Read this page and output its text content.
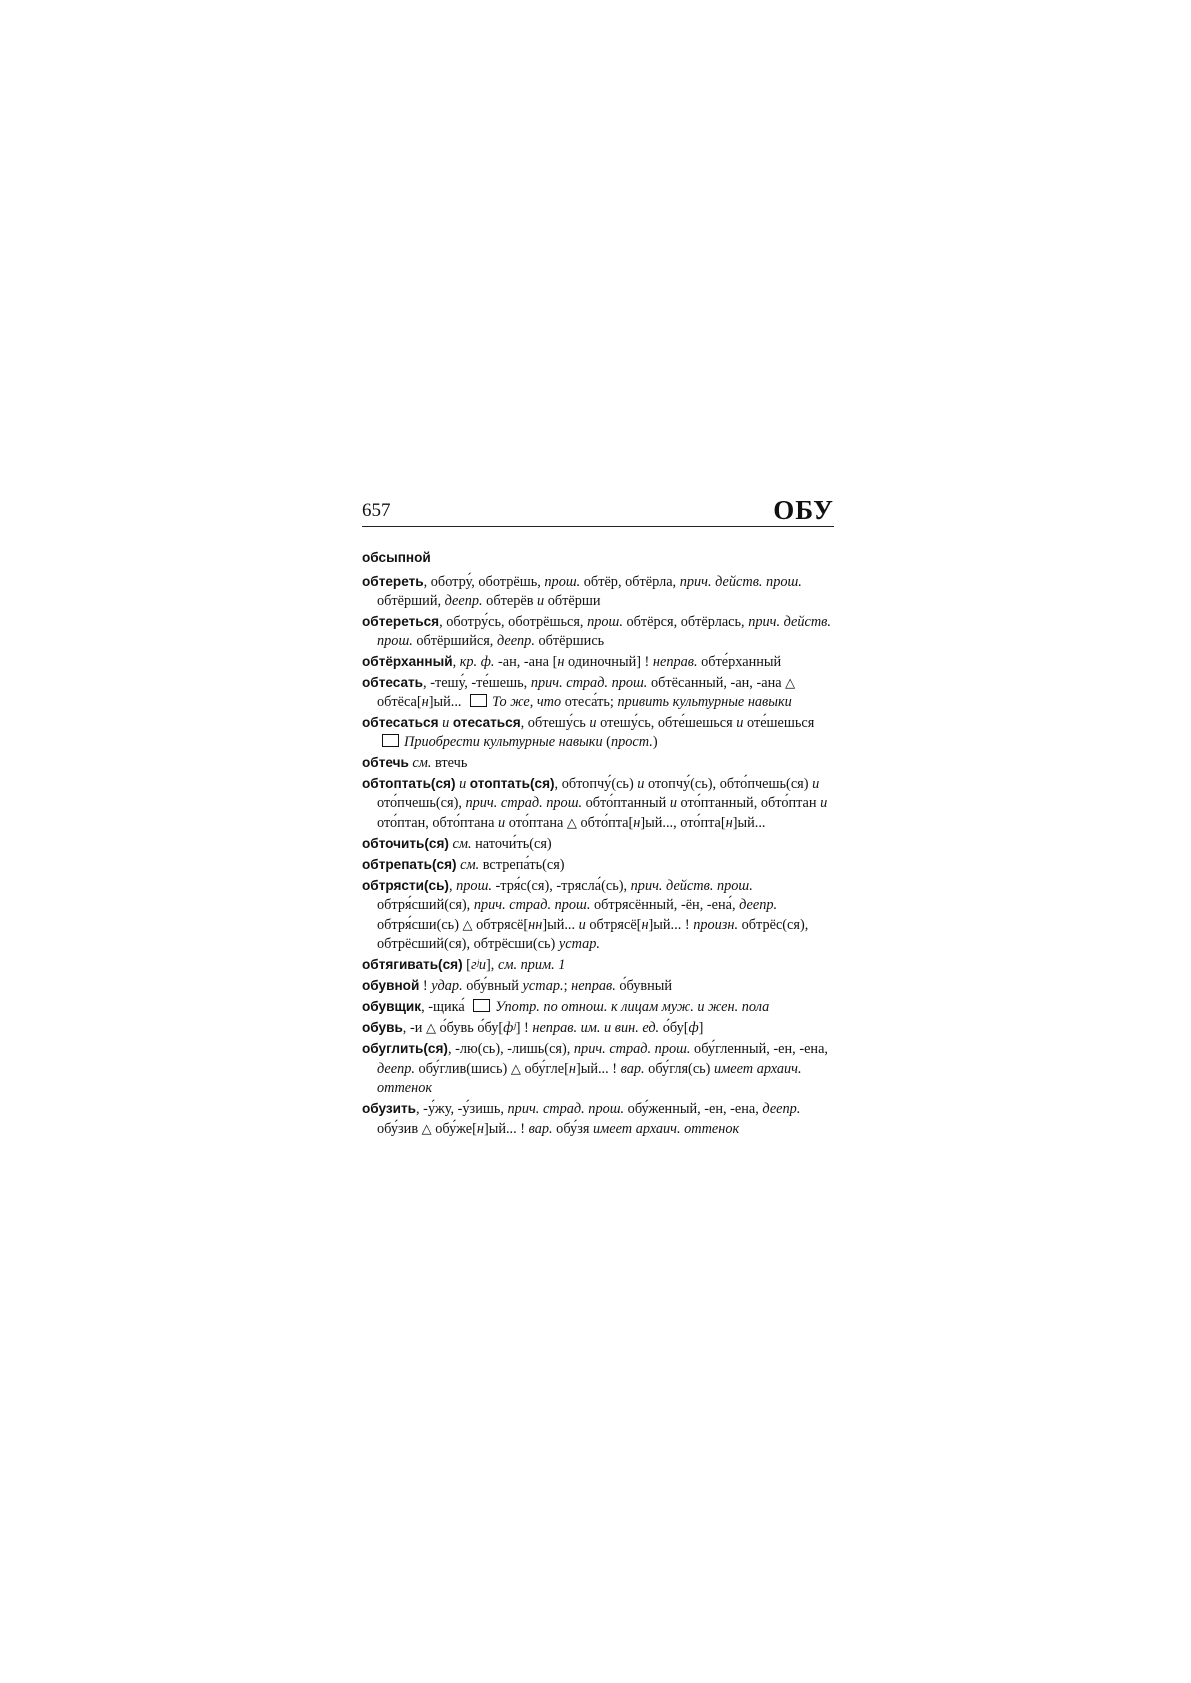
657	ОБУ
обсыпной
обтереть, оботру́, оботрёшь, прош. обтёр, обтёрла, прич. действ. прош. обтёрший, деепр. обтерёв и обтёрши
обтереться, оботру́сь, оботрёшься, прош. обтёрся, обтёрлась, прич. действ. прош. обтёршийся, деепр. обтёршись
обтёрханный, кр. ф. -ан, -ана [н одиночный] ! неправ. обте́рханный
обтесать, -тешу́, -те́шешь, прич. страд. прош. обтёсанный, -ан, -ана △ обтёса[н]ый... То же, что отеса́ть; привить культурные навыки
обтесаться и отесаться, обтешу́сь и отешу́сь, обте́шешься и оте́шешься Приобрести культурные навыки (прост.)
обтечь см. втечь
обтоптать(ся) и отоптать(ся), обтопчу́(сь) и отопчу́(сь), обто́пчешь(ся) и ото́пчешь(ся), прич. страд. прош. обто́птанный и ото́птанный, обто́птан и ото́птан, обто́птана и ото́птана △ обто́пта[н]ый..., ото́пта[н]ый...
обточить(ся) см. наточи́ть(ся)
обтрепать(ся) см. встрепа́ть(ся)
обтрясти(сь), прош. -тря́с(ся), -трясла́(сь), прич. действ. прош. обтря́сший(ся), прич. страд. прош. обтрясённый, -ён, -ена́, деепр. обтря́сши(сь) △ обтрясё[нн]ый... и обтрясё[н]ый... ! произн. обтрёс(ся), обтрёсший(ся), обтрёсши(сь) устар.
обтягивать(ся) [гʲи], см. прим. 1
обувной ! удар. обу́вный устар.; неправ. о́бувный
обувщик, -щика́ Употр. по отнош. к лицам муж. и жен. пола
обувь, -и △ о́бувь о́бу[фʲ] ! неправ. им. и вин. ед. о́бу[ф]
обуглить(ся), -лю(сь), -лишь(ся), прич. страд. прош. обу́гленный, -ен, -ена, деепр. обу́глив(шись) △ обу́гле[н]ый... ! вар. обу́гля(сь) имеет архаич. оттенок
обузить, -у́жу, -у́зишь, прич. страд. прош. обу́женный, -ен, -ена, деепр. обу́зив △ обу́же[н]ый... ! вар. обу́зя имеет архаич. оттенок
